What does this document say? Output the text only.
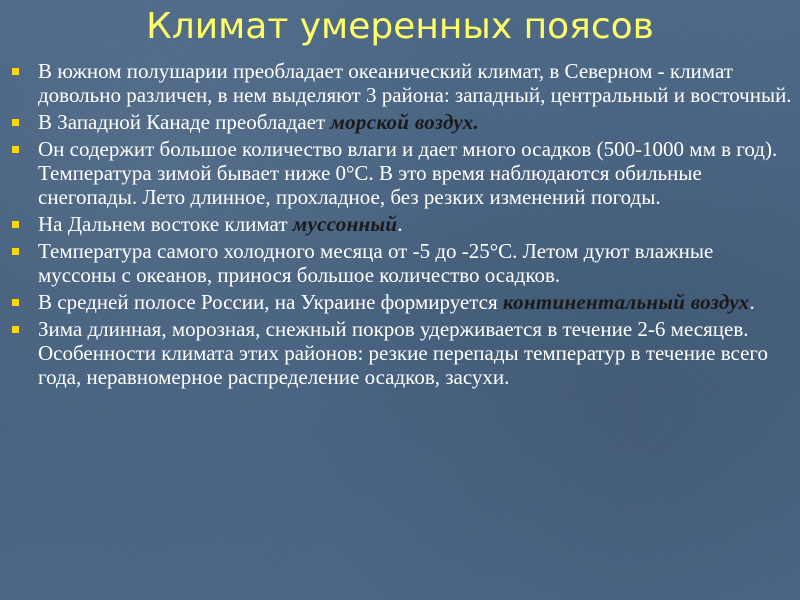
Климат умеренных поясов
В южном полушарии преобладает океанический климат, в Северном - климат довольно различен, в нем выделяют 3 района: западный, центральный и восточный.
В Западной Канаде преобладает морской воздух.
Он содержит большое количество влаги и дает много осадков (500-1000 мм в год). Температура зимой бывает ниже 0°С. В это время наблюдаются обильные снегопады. Лето длинное, прохладное, без резких изменений погоды.
На Дальнем востоке климат муссонный.
Температура самого холодного месяца от -5 до -25°С. Летом дуют влажные муссоны с океанов, принося большое количество осадков.
В средней полосе России, на Украине формируется континентальный воздух.
Зима длинная, морозная, снежный покров удерживается в течение 2-6 месяцев. Особенности климата этих районов: резкие перепады температур в течение всего года, неравномерное распределение осадков, засухи.
